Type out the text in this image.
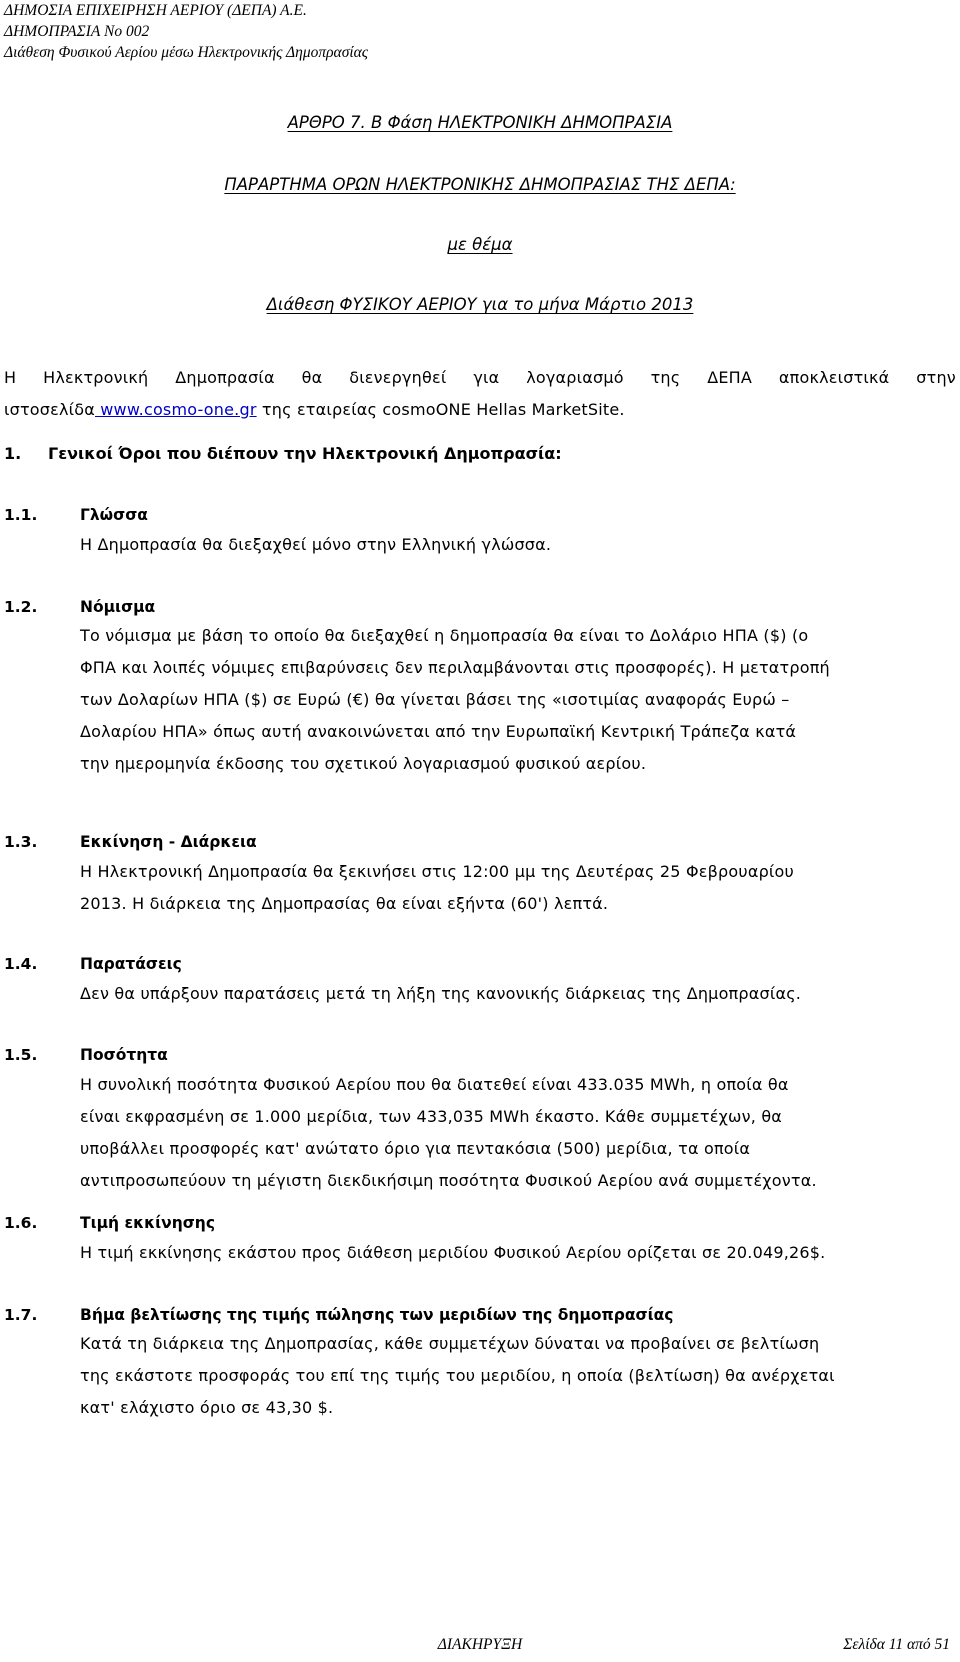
ΔΗΜΟΣΙΑ ΕΠΙΧΕΙΡΗΣΗ ΑΕΡΙΟΥ (ΔΕΠΑ) Α.Ε.
ΔΗΜΟΠΡΑΣΙΑ Νο 002
Διάθεση Φυσικού Αερίου μέσω Ηλεκτρονικής Δημοπρασίας
ΑΡΘΡΟ 7. Β Φάση ΗΛΕΚΤΡΟΝΙΚΗ ΔΗΜΟΠΡΑΣΙΑ
ΠΑΡΑΡΤΗΜΑ ΟΡΩΝ ΗΛΕΚΤΡΟΝΙΚΗΣ ΔΗΜΟΠΡΑΣΙΑΣ ΤΗΣ ΔΕΠΑ:
με θέμα
Διάθεση ΦΥΣΙΚΟΥ ΑΕΡΙΟΥ για το μήνα Μάρτιο 2013
Η Ηλεκτρονική Δημοπρασία θα διενεργηθεί για λογαριασμό της ΔΕΠΑ αποκλειστικά στην
ιστοσελίδα www.cosmo-one.gr της εταιρείας cosmoONE Hellas MarketSite.
1. Γενικοί Όροι που διέπουν την Ηλεκτρονική Δημοπρασία:
1.1.	Γλώσσα
Η Δημοπρασία θα διεξαχθεί μόνο στην Ελληνική γλώσσα.
1.2.	Νόμισμα
Το νόμισμα με βάση το οποίο θα διεξαχθεί η δημοπρασία θα είναι το Δολάριο ΗΠΑ ($) (ο
ΦΠΑ και λοιπές νόμιμες επιβαρύνσεις δεν περιλαμβάνονται στις προσφορές). Η μετατροπή
των Δολαρίων ΗΠΑ ($) σε Ευρώ (€) θα γίνεται βάσει της «ισοτιμίας αναφοράς Ευρώ –
Δολαρίου ΗΠΑ» όπως αυτή ανακοινώνεται από την Ευρωπαϊκή Κεντρική Τράπεζα κατά
την ημερομηνία έκδοσης του σχετικού λογαριασμού φυσικού αερίου.
1.3.	Εκκίνηση - Διάρκεια
Η Ηλεκτρονική Δημοπρασία θα ξεκινήσει στις 12:00 μμ της Δευτέρας 25 Φεβρουαρίου
2013. Η διάρκεια της Δημοπρασίας θα είναι εξήντα (60') λεπτά.
1.4.	Παρατάσεις
Δεν θα υπάρξουν παρατάσεις μετά τη λήξη της κανονικής διάρκειας της Δημοπρασίας.
1.5.	Ποσότητα
Η συνολική ποσότητα Φυσικού Αερίου που θα διατεθεί είναι 433.035 MWh, η οποία θα
είναι εκφρασμένη σε 1.000 μερίδια, των 433,035 MWh έκαστο. Κάθε συμμετέχων, θα
υποβάλλει προσφορές κατ' ανώτατο όριο για πεντακόσια (500) μερίδια, τα οποία
αντιπροσωπεύουν τη μέγιστη διεκδικήσιμη ποσότητα Φυσικού Αερίου ανά συμμετέχοντα.
1.6.	Τιμή εκκίνησης
Η τιμή εκκίνησης εκάστου προς διάθεση μεριδίου Φυσικού Αερίου ορίζεται σε 20.049,26$.
1.7.	Βήμα βελτίωσης της τιμής πώλησης των μεριδίων της δημοπρασίας
Κατά τη διάρκεια της Δημοπρασίας, κάθε συμμετέχων δύναται να προβαίνει σε βελτίωση
της εκάστοτε προσφοράς του επί της τιμής του μεριδίου, η οποία (βελτίωση) θα ανέρχεται
κατ' ελάχιστο όριο σε 43,30 $.
ΔΙΑΚΗΡΥΞΗ	Σελίδα 11 από 51
